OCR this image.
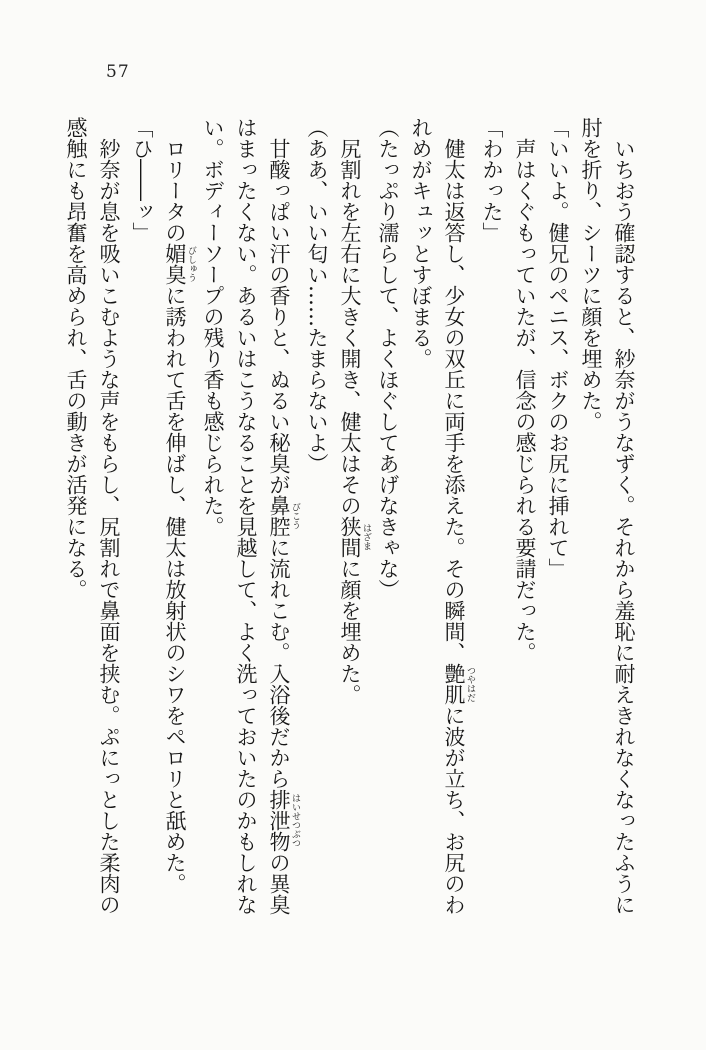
57

いちおう確認すると、紗奈がうなずく。それから羞恥に耐えきれなくなったふうに肘を折り、シーツに顔を埋めた。

「いいよ。健兄のペニス、ボクのお尻に挿れて」

声はくぐもっていたが、信念の感じられる要請だった。

「わかった」

健太は返答し、少女の双丘に両手を添えた。その瞬間、艶肌 つやはだに波が立ち、お尻のわれめがキュッとすぼまる。

（たっぷり濡らして、よくほぐしてあげなきゃな）

尻割れを左右に大きく開き、健太はその狭間 はざまに顔を埋めた。

（ああ、いい匂い……たまらないよ）

甘酸っぱい汗の香りと、ぬるい秘臭が鼻腔 びこうに流れこむ。入浴後だから排泄物 はいせつぶつの異臭はまったくない。あるいはこうなることを見越して、よく洗っておいたのかもしれない。ボディーソープの残り香も感じられた。

ロリータの媚臭 びしゅうに誘われて舌を伸ばし、健太は放射状のシワをペロリと舐めた。

「ひ――ッ」

紗奈が息を吸いこむような声をもらし、尻割れで鼻面を挟む。ぷにっとした柔肉の感触にも昂奮を高められ、舌の動きが活発になる。
